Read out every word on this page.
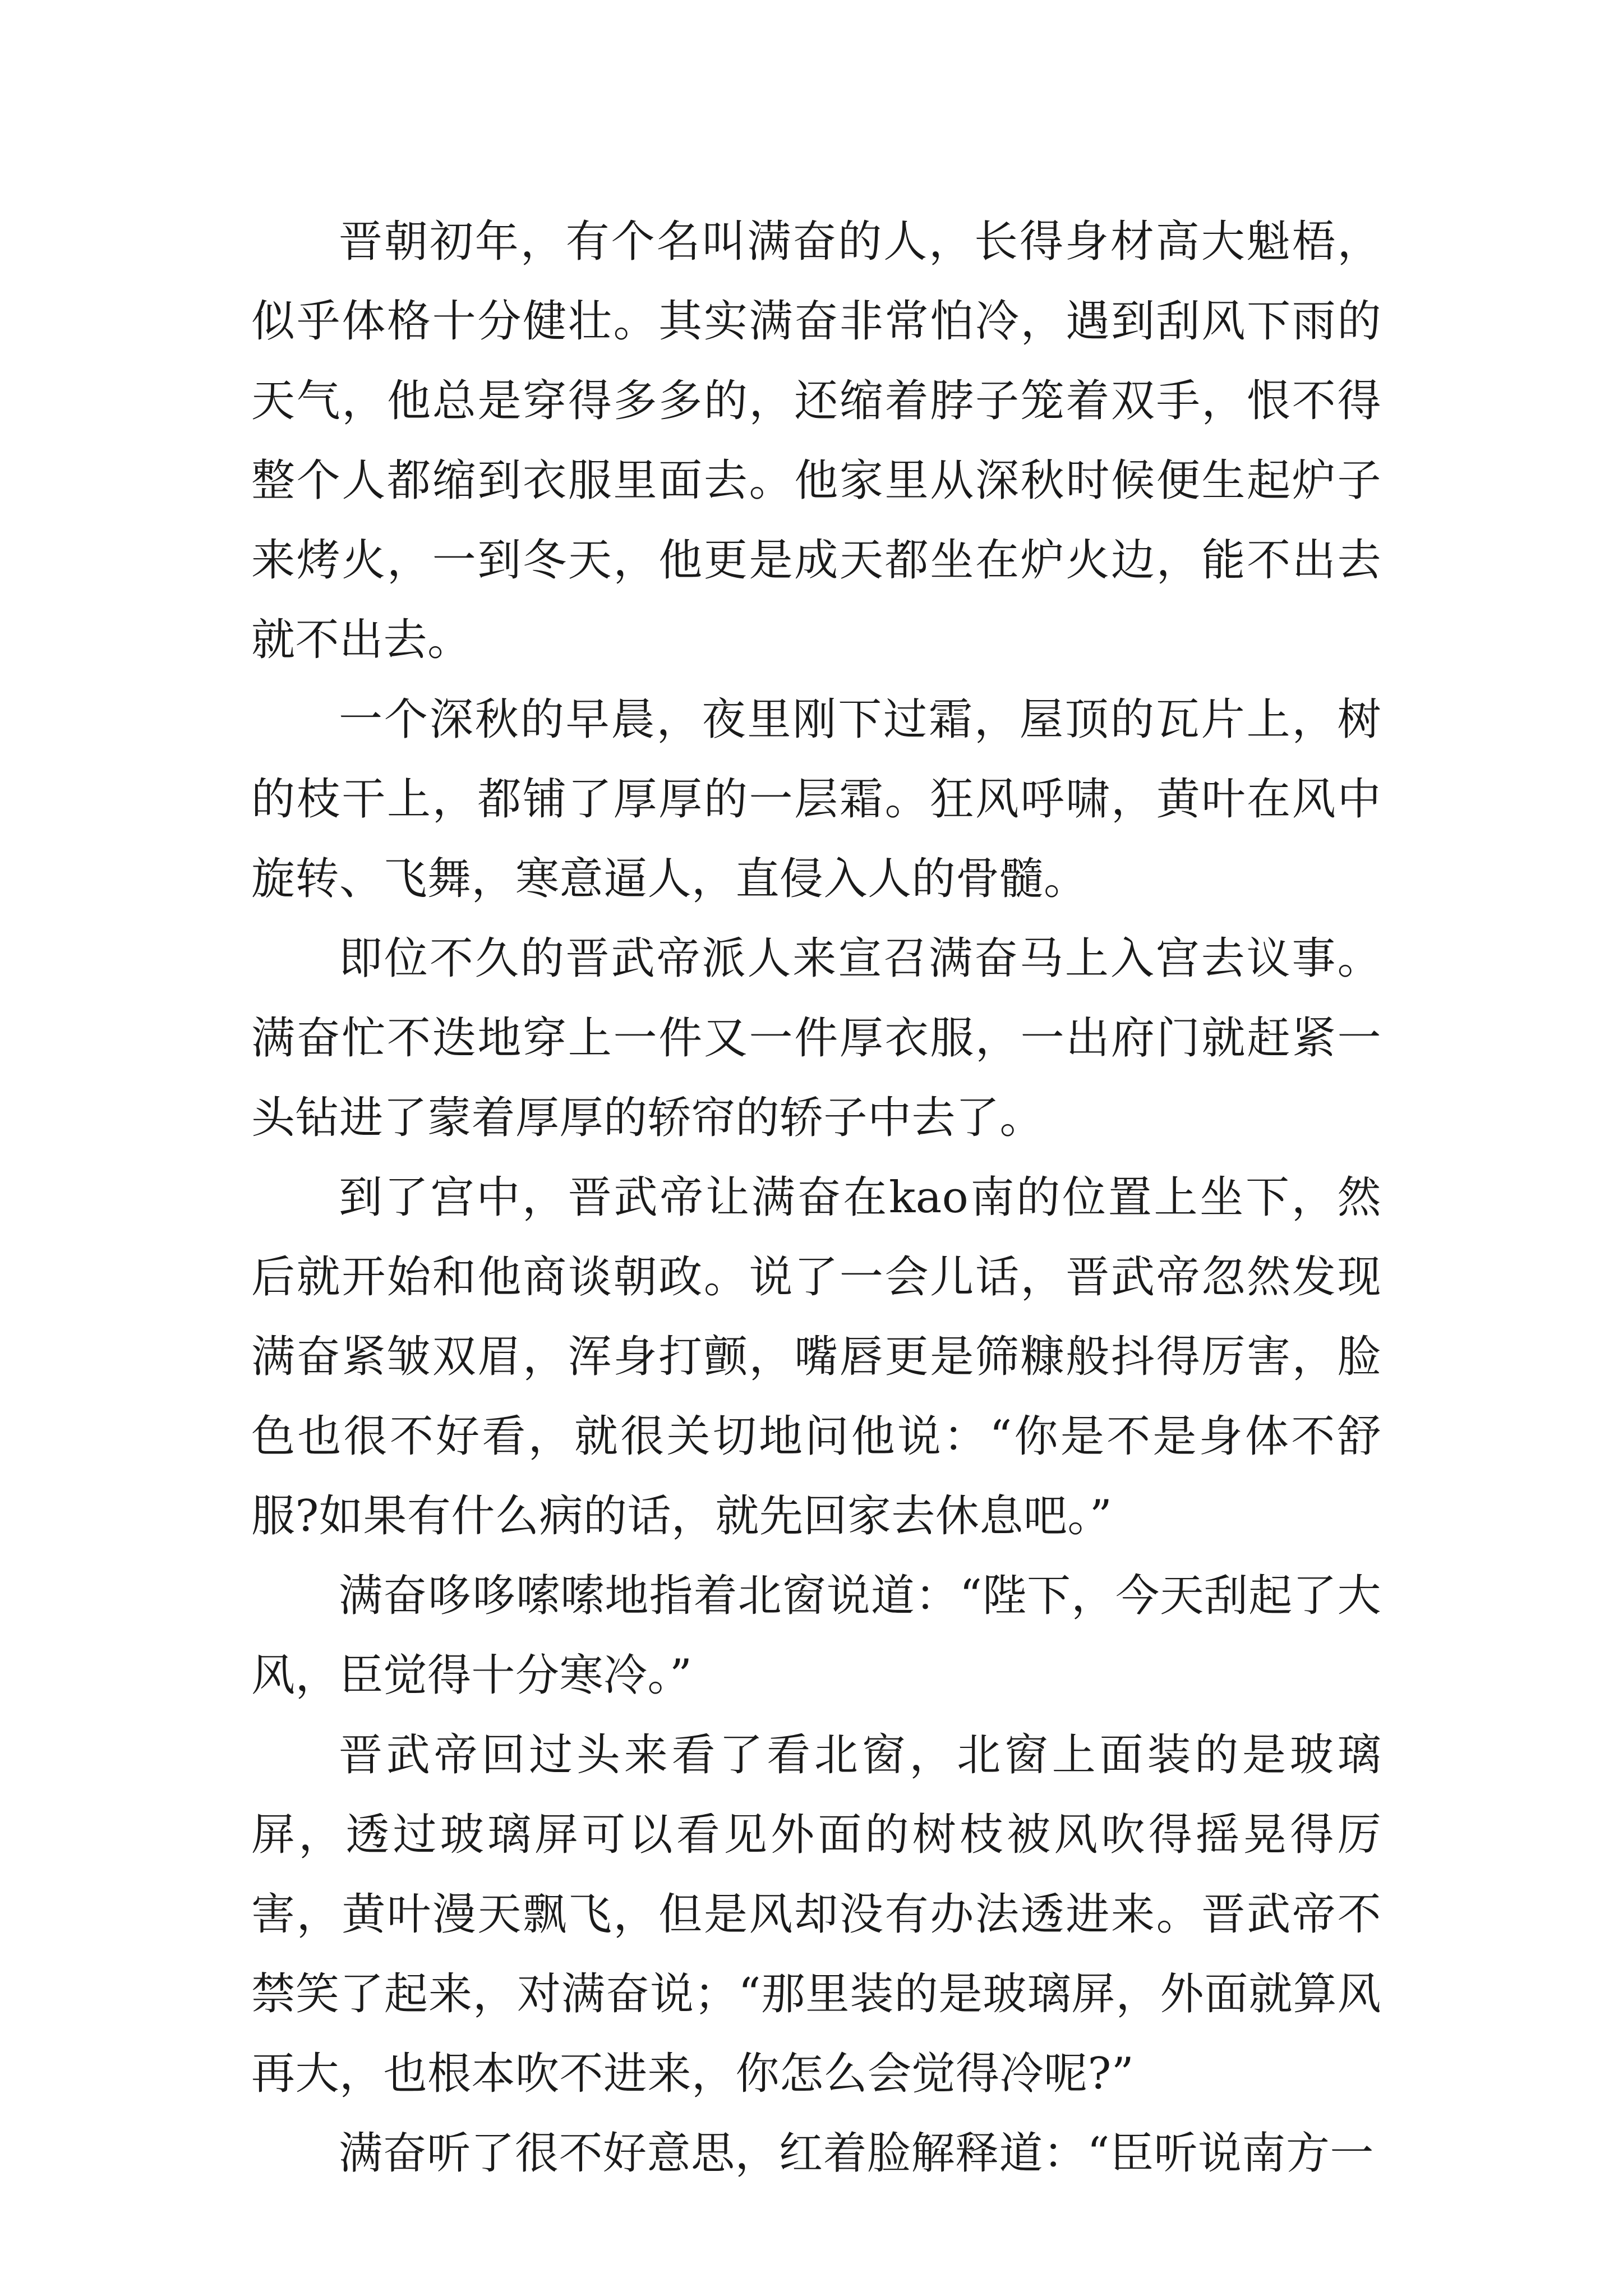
晋朝初年，有个名叫满奋的人，长得身材高大魁梧，似乎体格十分健壮。其实满奋非常怕冷，遇到刮风下雨的天气，他总是穿得多多的，还缩着脖子笼着双手，恨不得整个人都缩到衣服里面去。他家里从深秋时候便生起炉子来烤火，一到冬天，他更是成天都坐在炉火边，能不出去就不出去。

一个深秋的早晨，夜里刚下过霜，屋顶的瓦片上，树的枝干上，都铺了厚厚的一层霜。狂风呼啸，黄叶在风中旋转、飞舞，寒意逼人，直侵入人的骨髓。

即位不久的晋武帝派人来宣召满奋马上入宫去议事。满奋忙不迭地穿上一件又一件厚衣服，一出府门就赶紧一头钻进了蒙着厚厚的轿帘的轿子中去了。

到了宫中，晋武帝让满奋在kao南的位置上坐下，然后就开始和他商谈朝政。说了一会儿话，晋武帝忽然发现满奋紧皱双眉，浑身打颤，嘴唇更是筛糠般抖得厉害，脸色也很不好看，就很关切地问他说：“你是不是身体不舒服?如果有什么病的话，就先回家去休息吧。”

满奋哆哆嗦嗦地指着北窗说道：“陛下，今天刮起了大风，臣觉得十分寒冷。”

晋武帝回过头来看了看北窗，北窗上面装的是玻璃屏，透过玻璃屏可以看见外面的树枝被风吹得摇晃得厉害，黄叶漫天飘飞，但是风却没有办法透进来。晋武帝不禁笑了起来，对满奋说；“那里装的是玻璃屏，外面就算风再大，也根本吹不进来，你怎么会觉得冷呢?”

满奋听了很不好意思，红着脸解释道：“臣听说南方一
